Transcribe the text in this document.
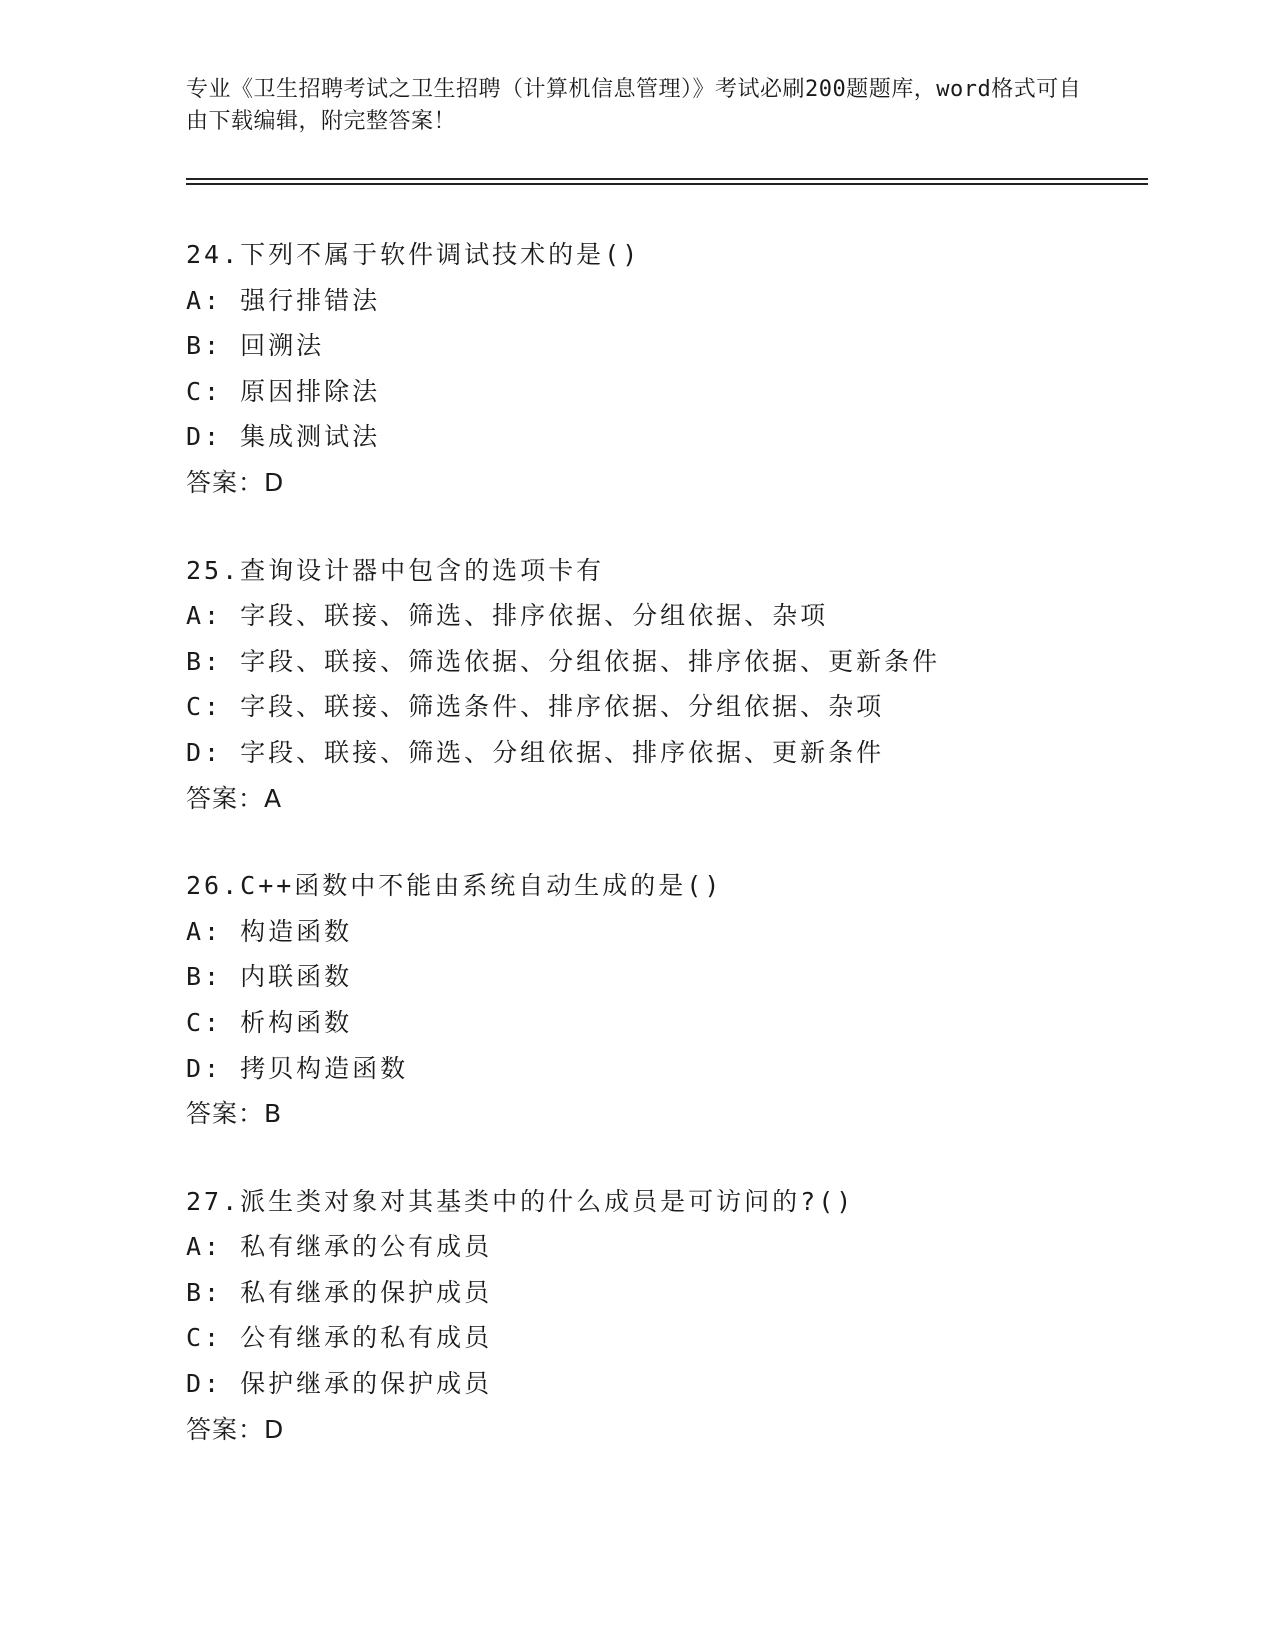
专业《卫生招聘考试之卫生招聘（计算机信息管理）》考试必刷200题题库，word格式可自由下载编辑，附完整答案！
24.下列不属于软件调试技术的是()
A: 强行排错法
B: 回溯法
C: 原因排除法
D: 集成测试法
答案：D
25.查询设计器中包含的选项卡有
A: 字段、联接、筛选、排序依据、分组依据、杂项
B: 字段、联接、筛选依据、分组依据、排序依据、更新条件
C: 字段、联接、筛选条件、排序依据、分组依据、杂项
D: 字段、联接、筛选、分组依据、排序依据、更新条件
答案：A
26.C++函数中不能由系统自动生成的是()
A: 构造函数
B: 内联函数
C: 析构函数
D: 拷贝构造函数
答案：B
27.派生类对象对其基类中的什么成员是可访问的?()
A: 私有继承的公有成员
B: 私有继承的保护成员
C: 公有继承的私有成员
D: 保护继承的保护成员
答案：D
